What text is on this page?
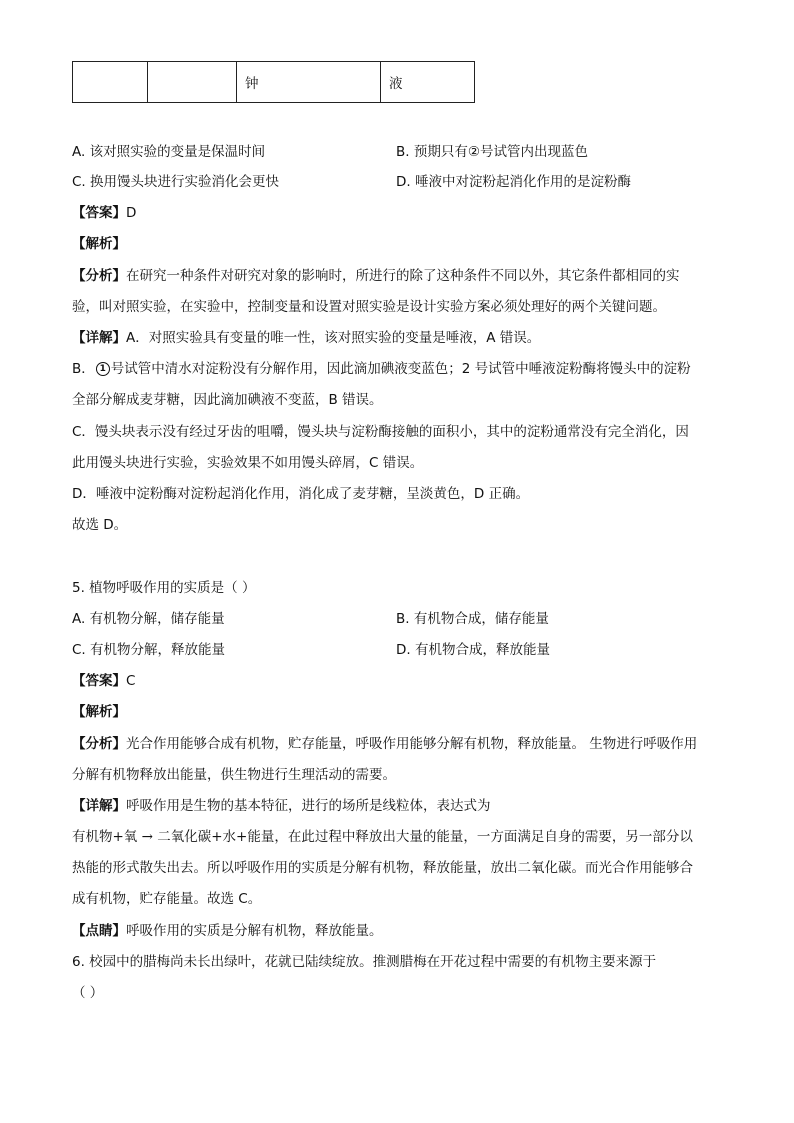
		钟	液
A. 该对照实验的变量是保温时间	B. 预期只有②号试管内出现蓝色
C. 换用馒头块进行实验消化会更快	D. 唾液中对淀粉起消化作用的是淀粉酶
【答案】D
【解析】
【分析】在研究一种条件对研究对象的影响时，所进行的除了这种条件不同以外，其它条件都相同的实
验，叫对照实验，在实验中，控制变量和设置对照实验是设计实验方案必须处理好的两个关键问题。
【详解】A．对照实验具有变量的唯一性，该对照实验的变量是唾液，A 错误。
B． 1 号试管中清水对淀粉没有分解作用，因此滴加碘液变蓝色；2 号试管中唾液淀粉酶将馒头中的淀粉
全部分解成麦芽糖，因此滴加碘液不变蓝，B 错误。
C．馒头块表示没有经过牙齿的咀嚼，馒头块与淀粉酶接触的面积小，其中的淀粉通常没有完全消化，因
此用馒头块进行实验，实验效果不如用馒头碎屑，C 错误。
D．唾液中淀粉酶对淀粉起消化作用，消化成了麦芽糖，呈淡黄色，D 正确。
故选 D。
5. 植物呼吸作用的实质是（ ）
A. 有机物分解，储存能量	B. 有机物合成，储存能量
C. 有机物分解，释放能量	D. 有机物合成，释放能量
【答案】C
【解析】
【分析】光合作用能够合成有机物，贮存能量，呼吸作用能够分解有机物，释放能量。 生物进行呼吸作用
分解有机物释放出能量，供生物进行生理活动的需要。
【详解】呼吸作用是生物的基本特征，进行的场所是线粒体，表达式为
有机物+氧 → 二氧化碳+水+能量，在此过程中释放出大量的能量，一方面满足自身的需要，另一部分以
热能的形式散失出去。所以呼吸作用的实质是分解有机物，释放能量，放出二氧化碳。而光合作用能够合
成有机物，贮存能量。故选 C。
【点睛】呼吸作用的实质是分解有机物，释放能量。
6. 校园中的腊梅尚未长出绿叶，花就已陆续绽放。推测腊梅在开花过程中需要的有机物主要来源于
（ ）
